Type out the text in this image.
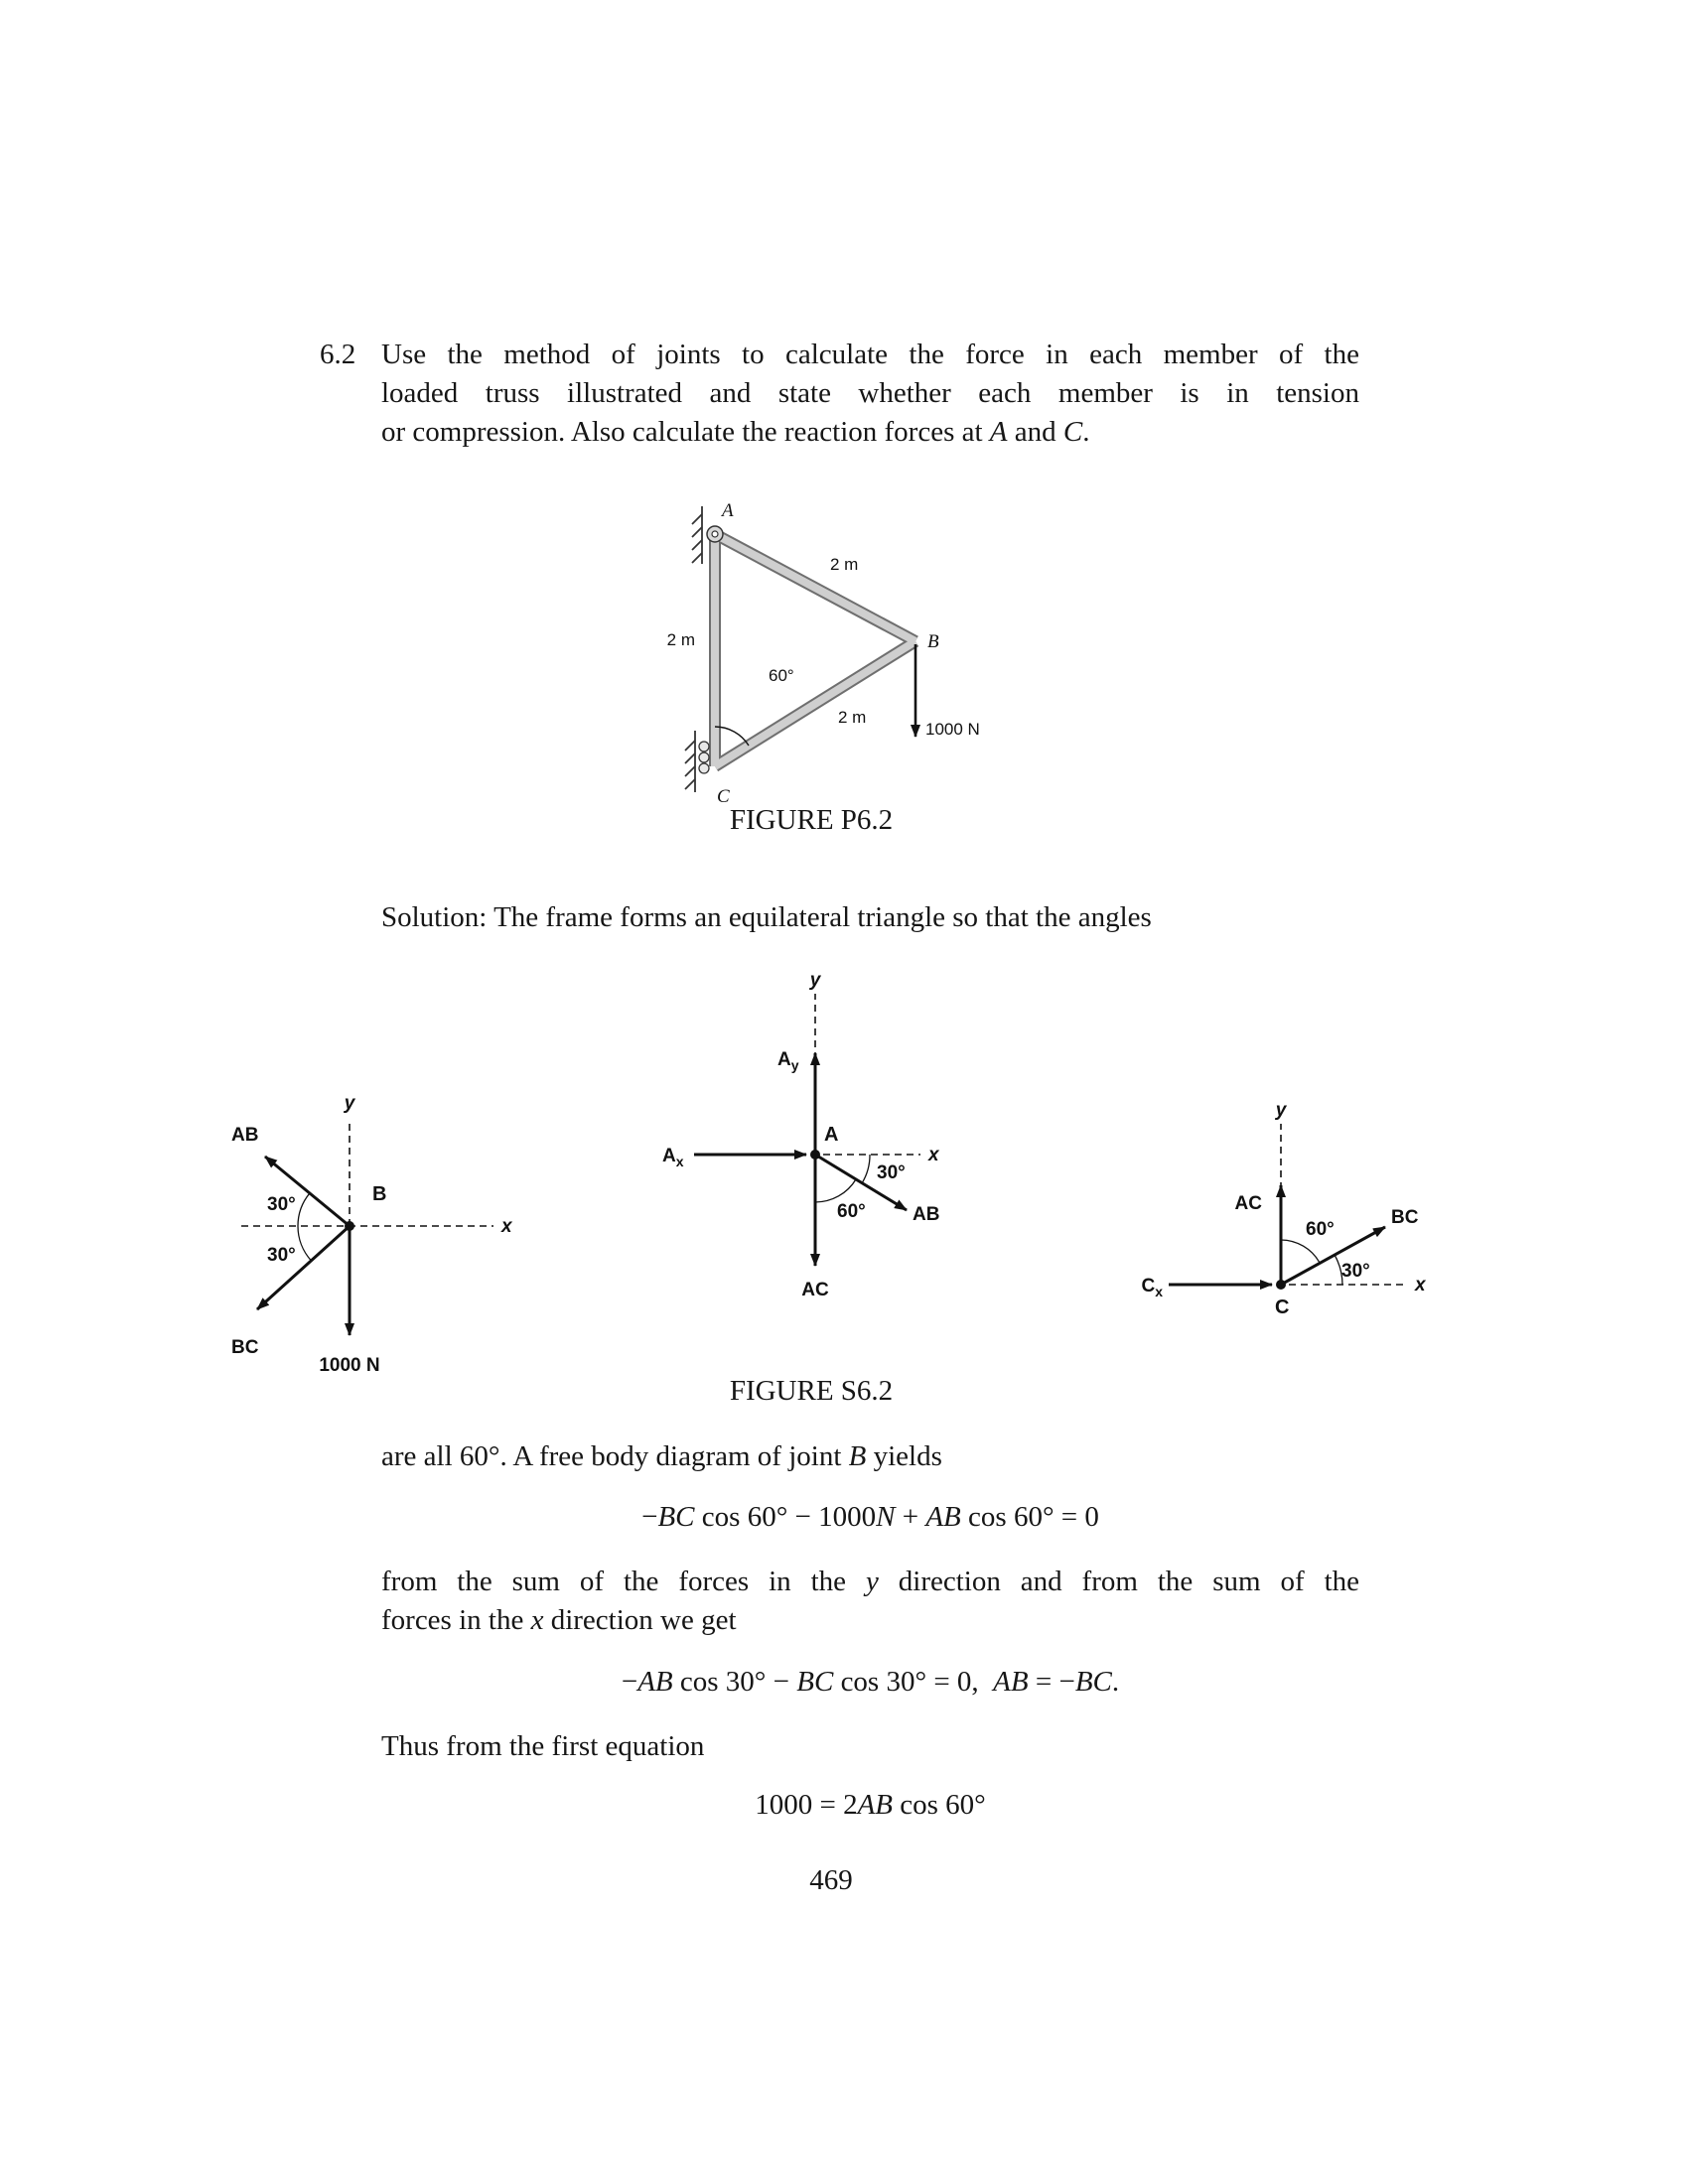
6.2 Use the method of joints to calculate the force in each member of the
loaded truss illustrated and state whether each member is in tension
or compression. Also calculate the reaction forces at A and C.
A
B
C
2 m
2 m
2 m
60°
1000 N
FIGURE P6.2
Solution: The frame forms an equilateral triangle so that the angles
y
x
AB
BC
30°
30°
B
1000 N
y
x
Ay
Ax
A
AB
AC
30°
60°
y
x
AC
BC
Cx
C
60°
30°
FIGURE S6.2
are all 60°. A free body diagram of joint B yields
−BC cos 60° − 1000N + AB cos 60° = 0
from the sum of the forces in the y direction and from the sum of the
forces in the x direction we get
−AB cos 30° − BC cos 30° = 0, AB = −BC.
Thus from the first equation
1000 = 2AB cos 60°
469
